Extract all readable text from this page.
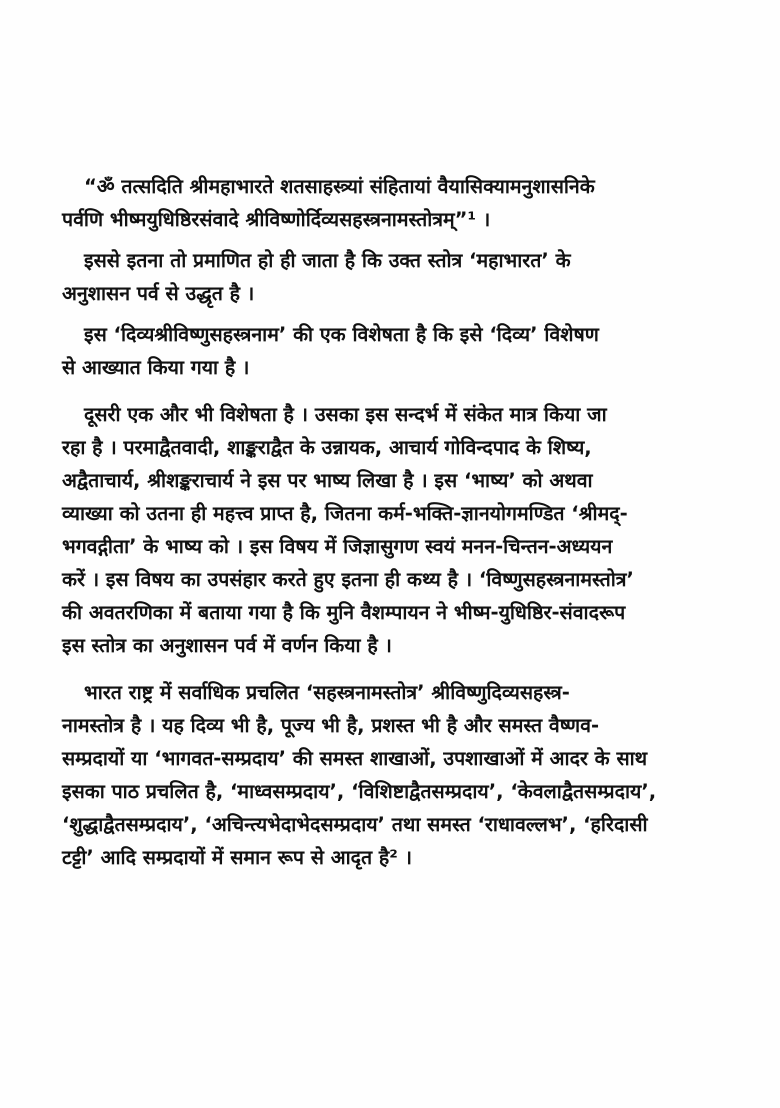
“ॐ तत्सदिति श्रीमहाभारते शतसाहस्त्र्यां संहितायां वैयासिक्यामनुशासनिके
पर्वणि भीष्मयुधिष्ठिरसंवादे श्रीविष्णोर्दिव्यसहस्त्रनामस्तोत्रम्”¹ ।
इससे इतना तो प्रमाणित हो ही जाता है कि उक्त स्तोत्र ‘महाभारत’ के
अनुशासन पर्व से उद्धृत है ।
इस ‘दिव्यश्रीविष्णुसहस्त्रनाम’ की एक विशेषता है कि इसे ‘दिव्य’ विशेषण
से आख्यात किया गया है ।
दूसरी एक और भी विशेषता है । उसका इस सन्दर्भ में संकेत मात्र किया जा
रहा है । परमाद्वैतवादी, शाङ्कराद्वैत के उन्नायक, आचार्य गोविन्दपाद के शिष्य,
अद्वैताचार्य, श्रीशङ्कराचार्य ने इस पर भाष्य लिखा है । इस ‘भाष्य’ को अथवा
व्याख्या को उतना ही महत्त्व प्राप्त है, जितना कर्म-भक्ति-ज्ञानयोगमण्डित ‘श्रीमद्-
भगवद्गीता’ के भाष्य को । इस विषय में जिज्ञासुगण स्वयं मनन-चिन्तन-अध्ययन
करें । इस विषय का उपसंहार करते हुए इतना ही कथ्य है । ‘विष्णुसहस्त्रनामस्तोत्र’
की अवतरणिका में बताया गया है कि मुनि वैशम्पायन ने भीष्म-युधिष्ठिर-संवादरूप
इस स्तोत्र का अनुशासन पर्व में वर्णन किया है ।
भारत राष्ट्र में सर्वाधिक प्रचलित ‘सहस्त्रनामस्तोत्र’ श्रीविष्णुदिव्यसहस्त्र-
नामस्तोत्र है । यह दिव्य भी है, पूज्य भी है, प्रशस्त भी है और समस्त वैष्णव-
सम्प्रदायों या ‘भागवत-सम्प्रदाय’ की समस्त शाखाओं, उपशाखाओं में आदर के साथ
इसका पाठ प्रचलित है, ‘माध्वसम्प्रदाय’, ‘विशिष्टाद्वैतसम्प्रदाय’, ‘केवलाद्वैतसम्प्रदाय’,
‘शुद्धाद्वैतसम्प्रदाय’, ‘अचिन्त्यभेदाभेदसम्प्रदाय’ तथा समस्त ‘राधावल्लभ’, ‘हरिदासी
टट्टी’ आदि सम्प्रदायों में समान रूप से आदृत है² ।
